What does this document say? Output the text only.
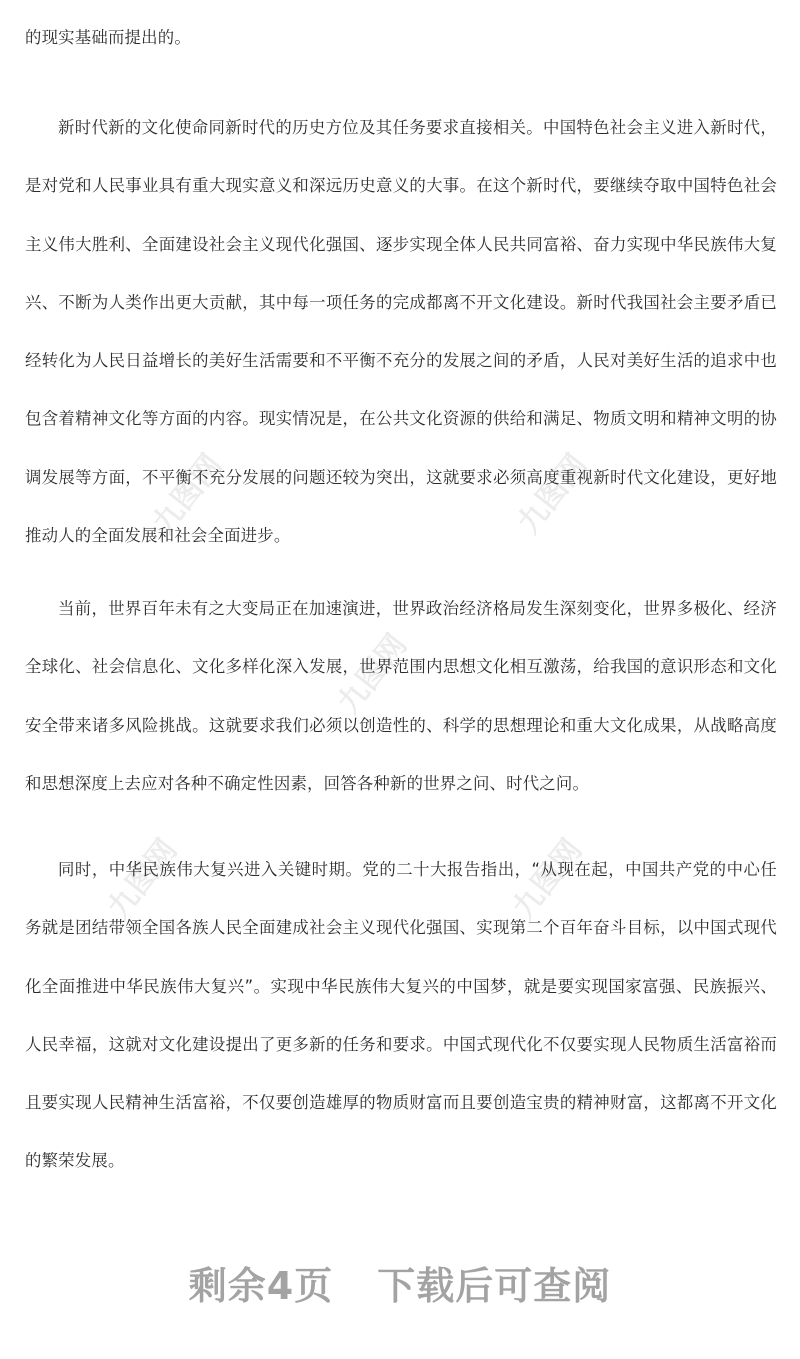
九图网	九图网
九图网
九图网	九图网

的现实基础而提出的。

新时代新的文化使命同新时代的历史方位及其任务要求直接相关。中国特色社会主义进入新时代，是对党和人民事业具有重大现实意义和深远历史意义的大事。在这个新时代，要继续夺取中国特色社会主义伟大胜利、全面建设社会主义现代化强国、逐步实现全体人民共同富裕、奋力实现中华民族伟大复兴、不断为人类作出更大贡献，其中每一项任务的完成都离不开文化建设。新时代我国社会主要矛盾已经转化为人民日益增长的美好生活需要和不平衡不充分的发展之间的矛盾，人民对美好生活的追求中也包含着精神文化等方面的内容。现实情况是，在公共文化资源的供给和满足、物质文明和精神文明的协调发展等方面，不平衡不充分发展的问题还较为突出，这就要求必须高度重视新时代文化建设，更好地推动人的全面发展和社会全面进步。

当前，世界百年未有之大变局正在加速演进，世界政治经济格局发生深刻变化，世界多极化、经济全球化、社会信息化、文化多样化深入发展，世界范围内思想文化相互激荡，给我国的意识形态和文化安全带来诸多风险挑战。这就要求我们必须以创造性的、科学的思想理论和重大文化成果，从战略高度和思想深度上去应对各种不确定性因素，回答各种新的世界之问、时代之问。

同时，中华民族伟大复兴进入关键时期。党的二十大报告指出，“从现在起，中国共产党的中心任务就是团结带领全国各族人民全面建成社会主义现代化强国、实现第二个百年奋斗目标，以中国式现代化全面推进中华民族伟大复兴”。实现中华民族伟大复兴的中国梦，就是要实现国家富强、民族振兴、人民幸福，这就对文化建设提出了更多新的任务和要求。中国式现代化不仅要实现人民物质生活富裕而且要实现人民精神生活富裕，不仅要创造雄厚的物质财富而且要创造宝贵的精神财富，这都离不开文化的繁荣发展。

剩余4页 下载后可查阅
